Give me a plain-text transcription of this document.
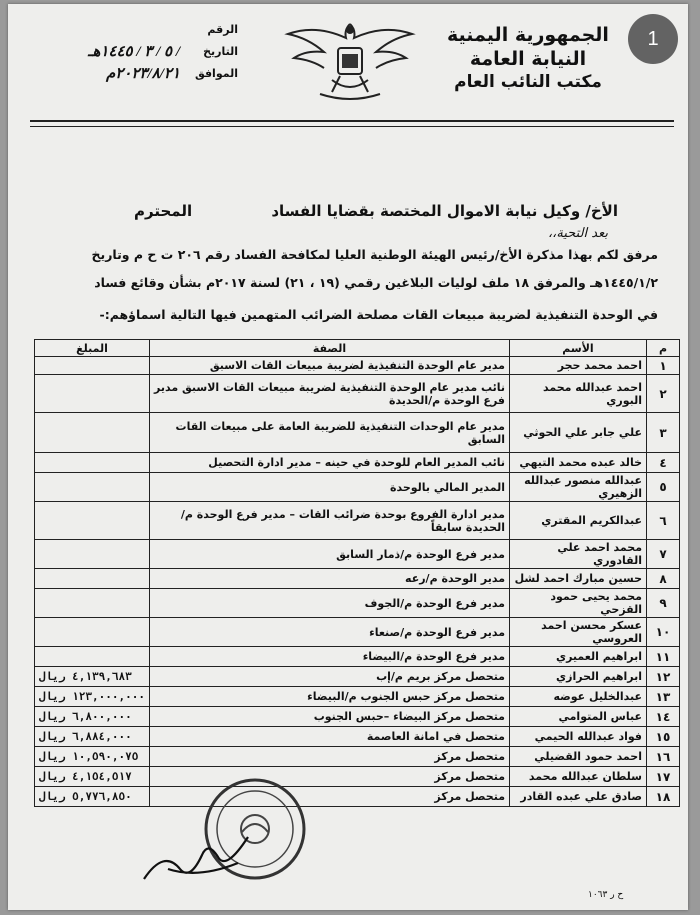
1
الجمهورية اليمنية
النيابة العامة
مكتب النائب العام
الرقم
التاريخ
/ ٥ / ٣ / ١٤٤٥هـ
الموافق
٢٠٢٣/٨/٢١م
الأخ/ وكيل نيابة الاموال المختصة بقضايا الفساد
المحترم
بعد التحية،،
مرفق لكم بهذا مذكرة الأخ/رئيس الهيئة الوطنية العليا لمكافحة الفساد رقم ٢٠٦ ت ح م وتاريخ
١٤٤٥/١/٢هـ والمرفق ١٨ ملف لوليات البلاغين رقمي (١٩ ، ٢١) لسنة ٢٠١٧م بشأن وقائع فساد
في الوحدة التنفيذية لضريبة مبيعات القات مصلحة الضرائب المتهمين فيها التالية اسماؤهم:-
م	الأسم	الصفة	المبلغ
١	احمد محمد حجر	مدير عام الوحدة التنفيذية لضريبة مبيعات القات الاسبق	
٢	احمد عبدالله محمد البوري	نائب مدير عام الوحدة التنفيذية لضريبة مبيعات القات الاسبق مدير فرع الوحدة م/الحديدة	
٣	علي جابر علي الحوثي	مدير عام الوحدات التنفيذية للضريبة العامة على مبيعات القات السابق	
٤	خالد عبده محمد التيهي	نائب المدير العام للوحدة في حينه – مدير ادارة التحصيل	
٥	عبدالله منصور عبدالله الزهيري	المدير المالي بالوحدة	
٦	عبدالكريم المقتري	مدير ادارة الفروع بوحدة ضرائب القات – مدير فرع الوحدة م/الحديدة سابقاً	
٧	محمد احمد علي القادوري	مدير فرع الوحدة م/ذمار السابق	
٨	حسين مبارك احمد لشل	مدير الوحدة م/رعه	
٩	محمد يحيى حمود القزحي	مدير فرع الوحدة م/الجوف	
١٠	عسكر محسن احمد العروسي	مدير فرع الوحدة م/صنعاء	
١١	ابراهيم العميري	مدير فرع الوحدة م/البيضاء	
١٢	ابراهيم الحرازي	متحصل مركز بريم م/إب	٤,١٣٩,٦٨٣ ريال
١٣	عبدالخليل عوضه	متحصل مركز حبس الجنوب م/البيضاء	١٢٣,٠٠٠,٠٠٠ ريال
١٤	عباس المتوامي	متحصل مركز البيضاء –حبس الجنوب	٦,٨٠٠,٠٠٠ ريال
١٥	فواد عبدالله الحيمي	متحصل في امانة العاصمة	٦,٨٨٤,٠٠٠ ريال
١٦	احمد حمود القضيلي	متحصل مركز	١٠,٥٩٠,٠٧٥ ريال
١٧	سلطان عبدالله محمد	متحصل مركز	٤,١٥٤,٥١٧ ريال
١٨	صادق علي عبده القادر	متحصل مركز	٥,٧٧٦,٨٥٠ ريال
ح ر ١٠٦٣
